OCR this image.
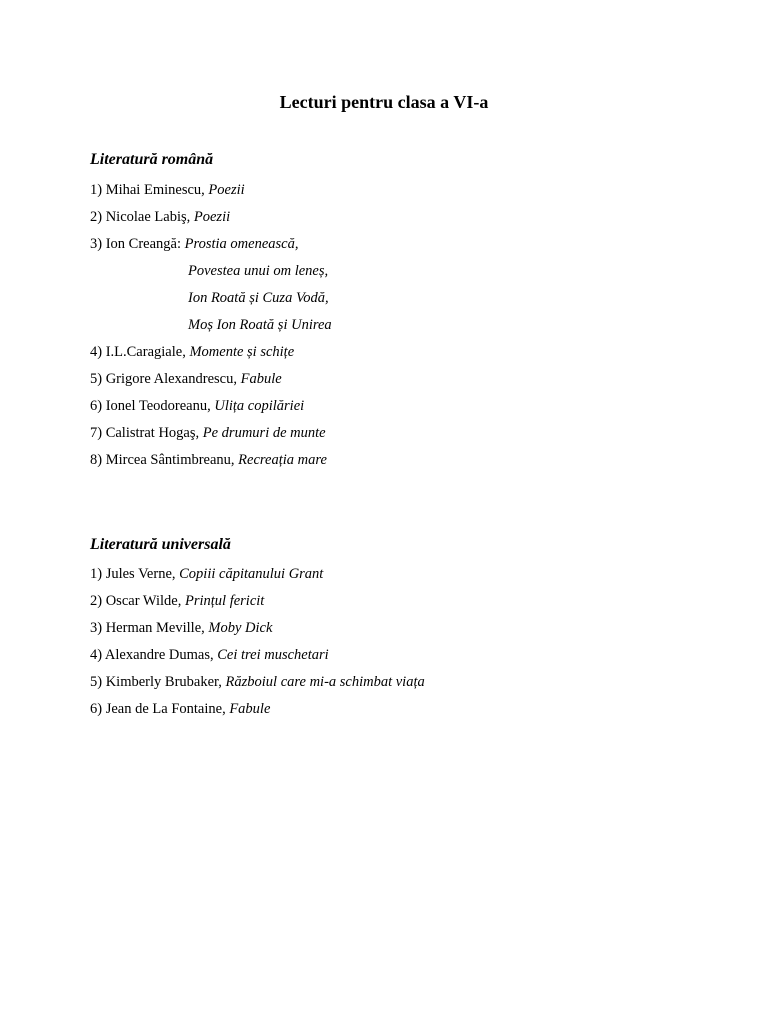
Lecturi pentru clasa a VI-a
Literatură română
1) Mihai Eminescu, Poezii
2) Nicolae Labiş, Poezii
3) Ion Creangă: Prostia omenească,
Povestea unui om leneș,
Ion Roată și Cuza Vodă,
Moș Ion Roată și Unirea
4) I.L.Caragiale, Momente și schițe
5) Grigore Alexandrescu, Fabule
6) Ionel Teodoreanu, Ulița copilăriei
7) Calistrat Hogaş, Pe drumuri de munte
8) Mircea Sântimbreanu, Recreația mare
Literatură universală
1) Jules Verne, Copiii căpitanului Grant
2) Oscar Wilde, Prințul fericit
3) Herman Meville, Moby Dick
4) Alexandre Dumas, Cei trei muschetari
5) Kimberly Brubaker, Războiul care mi-a schimbat viața
6) Jean de La Fontaine, Fabule
